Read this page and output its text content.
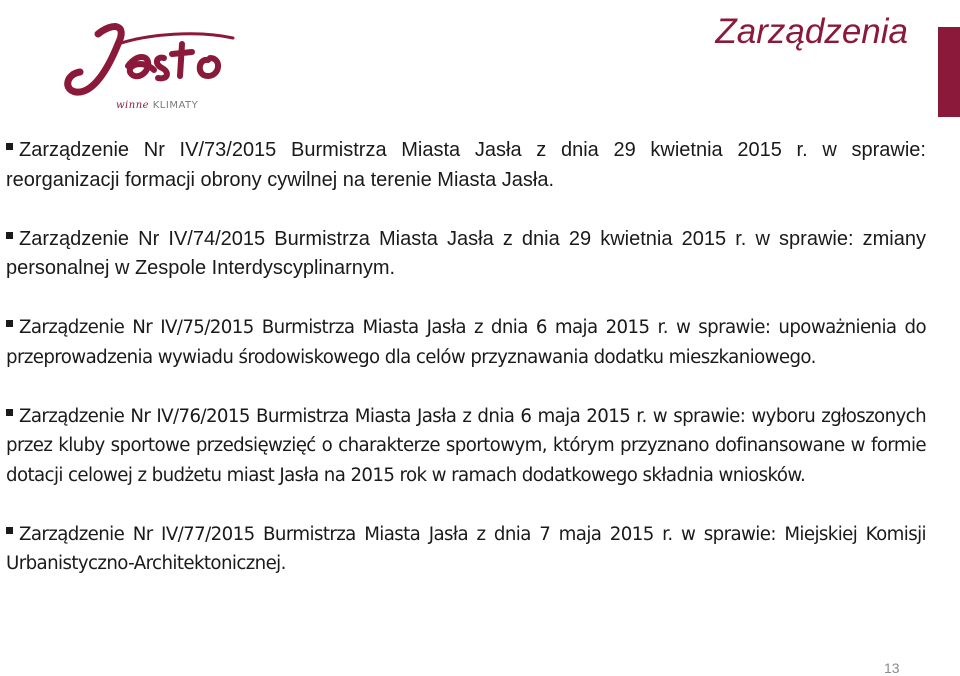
winne KLIMATY
Zarządzenia
Zarządzenie Nr IV/73/2015 Burmistrza Miasta Jasła z dnia 29 kwietnia 2015 r. w sprawie: reorganizacji formacji obrony cywilnej na terenie Miasta Jasła.
Zarządzenie Nr IV/74/2015 Burmistrza Miasta Jasła z dnia 29 kwietnia 2015 r. w sprawie: zmiany personalnej w Zespole Interdyscyplinarnym.
Zarządzenie Nr IV/75/2015 Burmistrza Miasta Jasła z dnia 6 maja 2015 r. w sprawie: upoważnienia do przeprowadzenia wywiadu środowiskowego dla celów przyznawania dodatku mieszkaniowego.
Zarządzenie Nr IV/76/2015 Burmistrza Miasta Jasła z dnia 6 maja 2015 r. w sprawie: wyboru zgłoszonych przez kluby sportowe przedsięwzięć o charakterze sportowym, którym przyznano dofinansowane w formie dotacji celowej z budżetu miast Jasła na 2015 rok w ramach dodatkowego składnia wniosków.
Zarządzenie Nr IV/77/2015 Burmistrza Miasta Jasła z dnia 7 maja 2015 r. w sprawie: Miejskiej Komisji Urbanistyczno-Architektonicznej.
13
